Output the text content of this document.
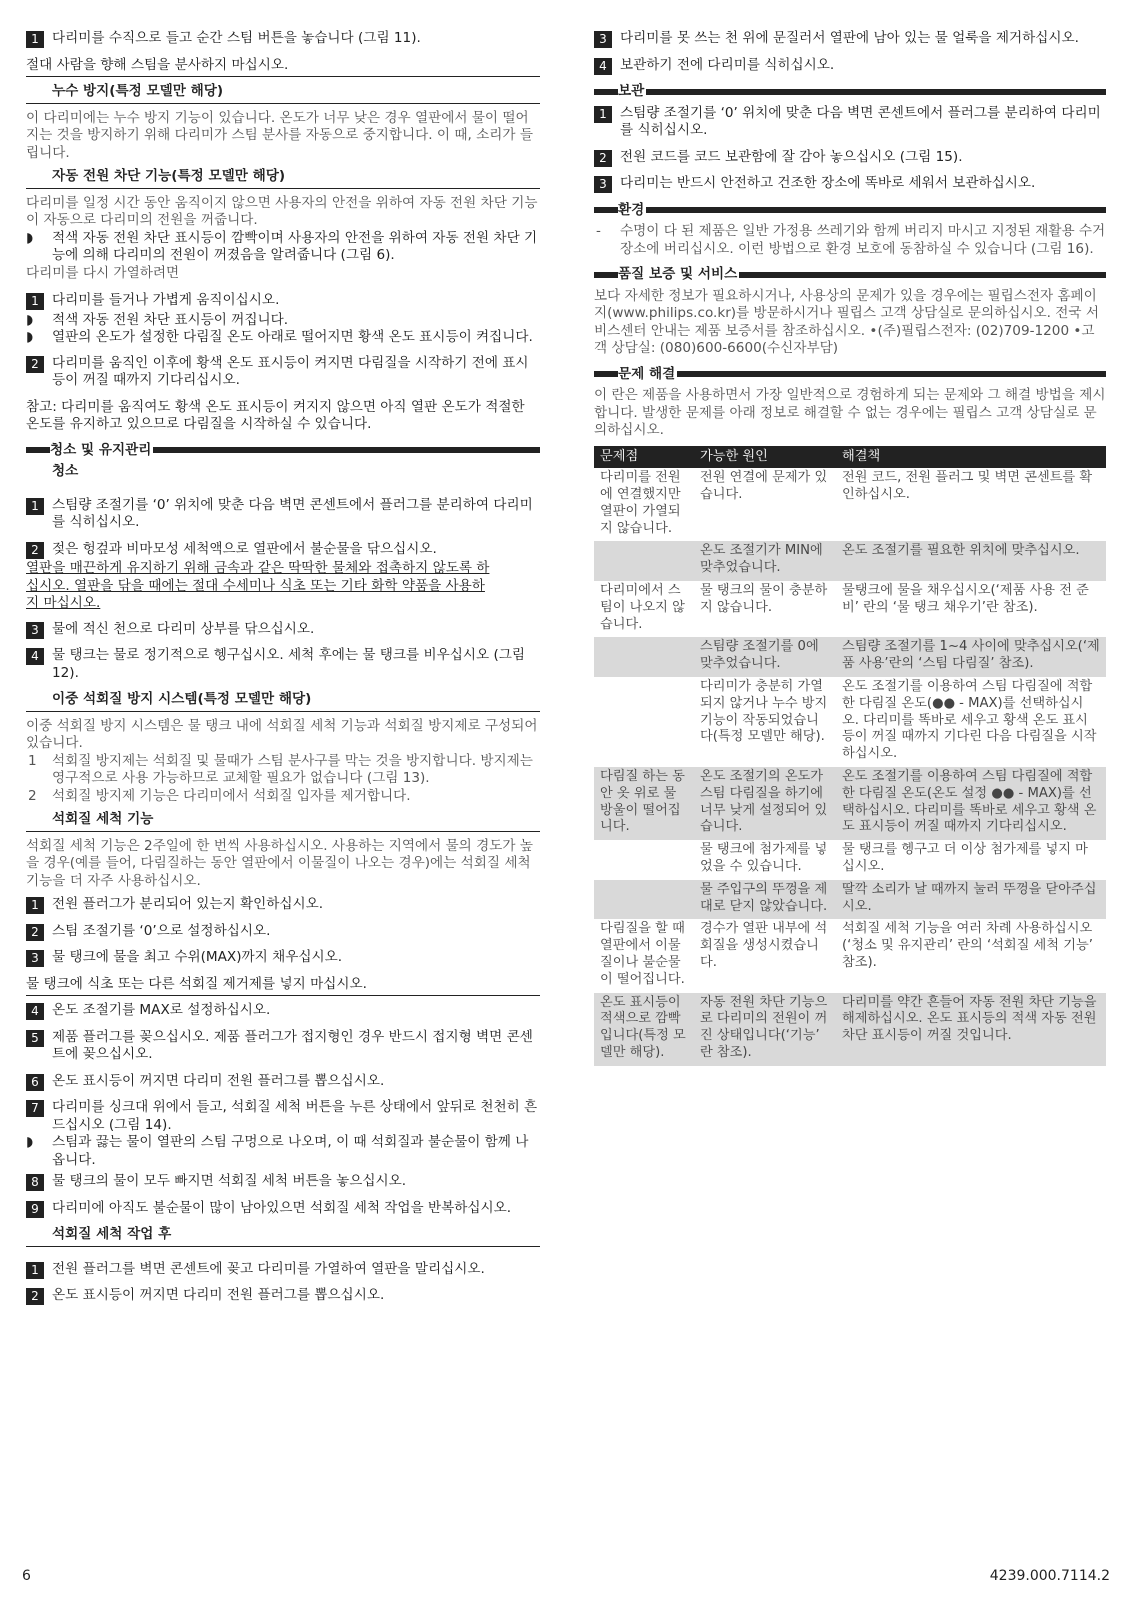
1 다리미를 수직으로 들고 순간 스팀 버튼을 놓습니다 (그림 11).
절대 사람을 향해 스팀을 분사하지 마십시오.
누수 방지(특정 모델만 해당)
이 다리미에는 누수 방지 기능이 있습니다. 온도가 너무 낮은 경우 열판에서 물이 떨어지는 것을 방지하기 위해 다리미가 스팀 분사를 자동으로 중지합니다. 이 때, 소리가 들립니다.
자동 전원 차단 기능(특정 모델만 해당)
다리미를 일정 시간 동안 움직이지 않으면 사용자의 안전을 위하여 자동 전원 차단 기능이 자동으로 다리미의 전원을 꺼줍니다.
◗ 적색 자동 전원 차단 표시등이 깜빡이며 사용자의 안전을 위하여 자동 전원 차단 기능에 의해 다리미의 전원이 꺼졌음을 알려줍니다 (그림 6).
다리미를 다시 가열하려면
1 다리미를 들거나 가볍게 움직이십시오.
◗ 적색 자동 전원 차단 표시등이 꺼집니다.
◗ 열판의 온도가 설정한 다림질 온도 아래로 떨어지면 황색 온도 표시등이 켜집니다.
2 다리미를 움직인 이후에 황색 온도 표시등이 켜지면 다림질을 시작하기 전에 표시등이 꺼질 때까지 기다리십시오.
참고: 다리미를 움직여도 황색 온도 표시등이 켜지지 않으면 아직 열판 온도가 적절한 온도를 유지하고 있으므로 다림질을 시작하실 수 있습니다.
청소 및 유지관리
청소
1 스팀량 조절기를 ‘0’ 위치에 맞춘 다음 벽면 콘센트에서 플러그를 분리하여 다리미를 식히십시오.
2 젖은 헝겊과 비마모성 세척액으로 열판에서 불순물을 닦으십시오.
열판을 매끈하게 유지하기 위해 금속과 같은 딱딱한 물체와 접촉하지 않도록 하십시오. 열판을 닦을 때에는 절대 수세미나 식초 또는 기타 화학 약품을 사용하지 마십시오.
3 물에 적신 천으로 다리미 상부를 닦으십시오.
4 물 탱크는 물로 정기적으로 헹구십시오. 세척 후에는 물 탱크를 비우십시오 (그림 12).
이중 석회질 방지 시스템(특정 모델만 해당)
이중 석회질 방지 시스템은 물 탱크 내에 석회질 세척 기능과 석회질 방지제로 구성되어 있습니다.
1 석회질 방지제는 석회질 및 물때가 스팀 분사구를 막는 것을 방지합니다. 방지제는 영구적으로 사용 가능하므로 교체할 필요가 없습니다 (그림 13).
2 석회질 방지제 기능은 다리미에서 석회질 입자를 제거합니다.
석회질 세척 기능
석회질 세척 기능은 2주일에 한 번씩 사용하십시오. 사용하는 지역에서 물의 경도가 높을 경우(예를 들어, 다림질하는 동안 열판에서 이물질이 나오는 경우)에는 석회질 세척 기능을 더 자주 사용하십시오.
1 전원 플러그가 분리되어 있는지 확인하십시오.
2 스팀 조절기를 ‘0’으로 설정하십시오.
3 물 탱크에 물을 최고 수위(MAX)까지 채우십시오.
물 탱크에 식초 또는 다른 석회질 제거제를 넣지 마십시오.
4 온도 조절기를 MAX로 설정하십시오.
5 제품 플러그를 꽂으십시오. 제품 플러그가 접지형인 경우 반드시 접지형 벽면 콘센트에 꽂으십시오.
6 온도 표시등이 꺼지면 다리미 전원 플러그를 뽑으십시오.
7 다리미를 싱크대 위에서 들고, 석회질 세척 버튼을 누른 상태에서 앞뒤로 천천히 흔드십시오 (그림 14).
◗ 스팀과 끓는 물이 열판의 스팀 구멍으로 나오며, 이 때 석회질과 불순물이 함께 나옵니다.
8 물 탱크의 물이 모두 빠지면 석회질 세척 버튼을 놓으십시오.
9 다리미에 아직도 불순물이 많이 남아있으면 석회질 세척 작업을 반복하십시오.
석회질 세척 작업 후
1 전원 플러그를 벽면 콘센트에 꽂고 다리미를 가열하여 열판을 말리십시오.
2 온도 표시등이 꺼지면 다리미 전원 플러그를 뽑으십시오.
3 다리미를 못 쓰는 천 위에 문질러서 열판에 남아 있는 물 얼룩을 제거하십시오.
4 보관하기 전에 다리미를 식히십시오.
보관
1 스팀량 조절기를 ‘0’ 위치에 맞춘 다음 벽면 콘센트에서 플러그를 분리하여 다리미를 식히십시오.
2 전원 코드를 코드 보관함에 잘 감아 놓으십시오 (그림 15).
3 다리미는 반드시 안전하고 건조한 장소에 똑바로 세워서 보관하십시오.
환경
- 수명이 다 된 제품은 일반 가정용 쓰레기와 함께 버리지 마시고 지정된 재활용 수거 장소에 버리십시오. 이런 방법으로 환경 보호에 동참하실 수 있습니다 (그림 16).
품질 보증 및 서비스
보다 자세한 정보가 필요하시거나, 사용상의 문제가 있을 경우에는 필립스전자 홈페이지(www.philips.co.kr)를 방문하시거나 필립스 고객 상담실로 문의하십시오. 전국 서비스센터 안내는 제품 보증서를 참조하십시오. •(주)필립스전자: (02)709-1200 •고객 상담실: (080)600-6600(수신자부담)
문제 해결
이 란은 제품을 사용하면서 가장 일반적으로 경험하게 되는 문제와 그 해결 방법을 제시합니다. 발생한 문제를 아래 정보로 해결할 수 없는 경우에는 필립스 고객 상담실로 문의하십시오.
문제점	가능한 원인	해결책
다리미를 전원에 연결했지만 열판이 가열되지 않습니다.	전원 연결에 문제가 있습니다.	전원 코드, 전원 플러그 및 벽면 콘센트를 확인하십시오.
	온도 조절기가 MIN에 맞추었습니다.	온도 조절기를 필요한 위치에 맞추십시오.
다리미에서 스팀이 나오지 않습니다.	물 탱크의 물이 충분하지 않습니다.	물탱크에 물을 채우십시오(‘제품 사용 전 준비’ 란의 ‘물 탱크 채우기’란 참조).
	스팀량 조절기를 0에 맞추었습니다.	스팀량 조절기를 1~4 사이에 맞추십시오(‘제품 사용’란의 ‘스팀 다림질’ 참조).
	다리미가 충분히 가열되지 않거나 누수 방지 기능이 작동되었습니다(특정 모델만 해당).	온도 조절기를 이용하여 스팀 다림질에 적합한 다림질 온도(●● - MAX)를 선택하십시오. 다리미를 똑바로 세우고 황색 온도 표시등이 꺼질 때까지 기다린 다음 다림질을 시작하십시오.
다림질 하는 동안 옷 위로 물방울이 떨어집니다.	온도 조절기의 온도가 스팀 다림질을 하기에 너무 낮게 설정되어 있습니다.	온도 조절기를 이용하여 스팀 다림질에 적합한 다림질 온도(온도 설정 ●● - MAX)를 선택하십시오. 다리미를 똑바로 세우고 황색 온도 표시등이 꺼질 때까지 기다리십시오.
	물 탱크에 첨가제를 넣었을 수 있습니다.	물 탱크를 헹구고 더 이상 첨가제를 넣지 마십시오.
	물 주입구의 뚜껑을 제대로 닫지 않았습니다.	딸깍 소리가 날 때까지 눌러 뚜껑을 닫아주십시오.
다림질을 할 때 열판에서 이물질이나 불순물이 떨어집니다.	경수가 열판 내부에 석회질을 생성시켰습니다.	석회질 세척 기능을 여러 차례 사용하십시오(‘청소 및 유지관리’ 란의 ‘석회질 세척 기능’ 참조).
온도 표시등이 적색으로 깜빡입니다(특정 모델만 해당).	자동 전원 차단 기능으로 다리미의 전원이 꺼진 상태입니다(‘기능’ 란 참조).	다리미를 약간 흔들어 자동 전원 차단 기능을 해제하십시오. 온도 표시등의 적색 자동 전원 차단 표시등이 꺼질 것입니다.
6	4239.000.7114.2
